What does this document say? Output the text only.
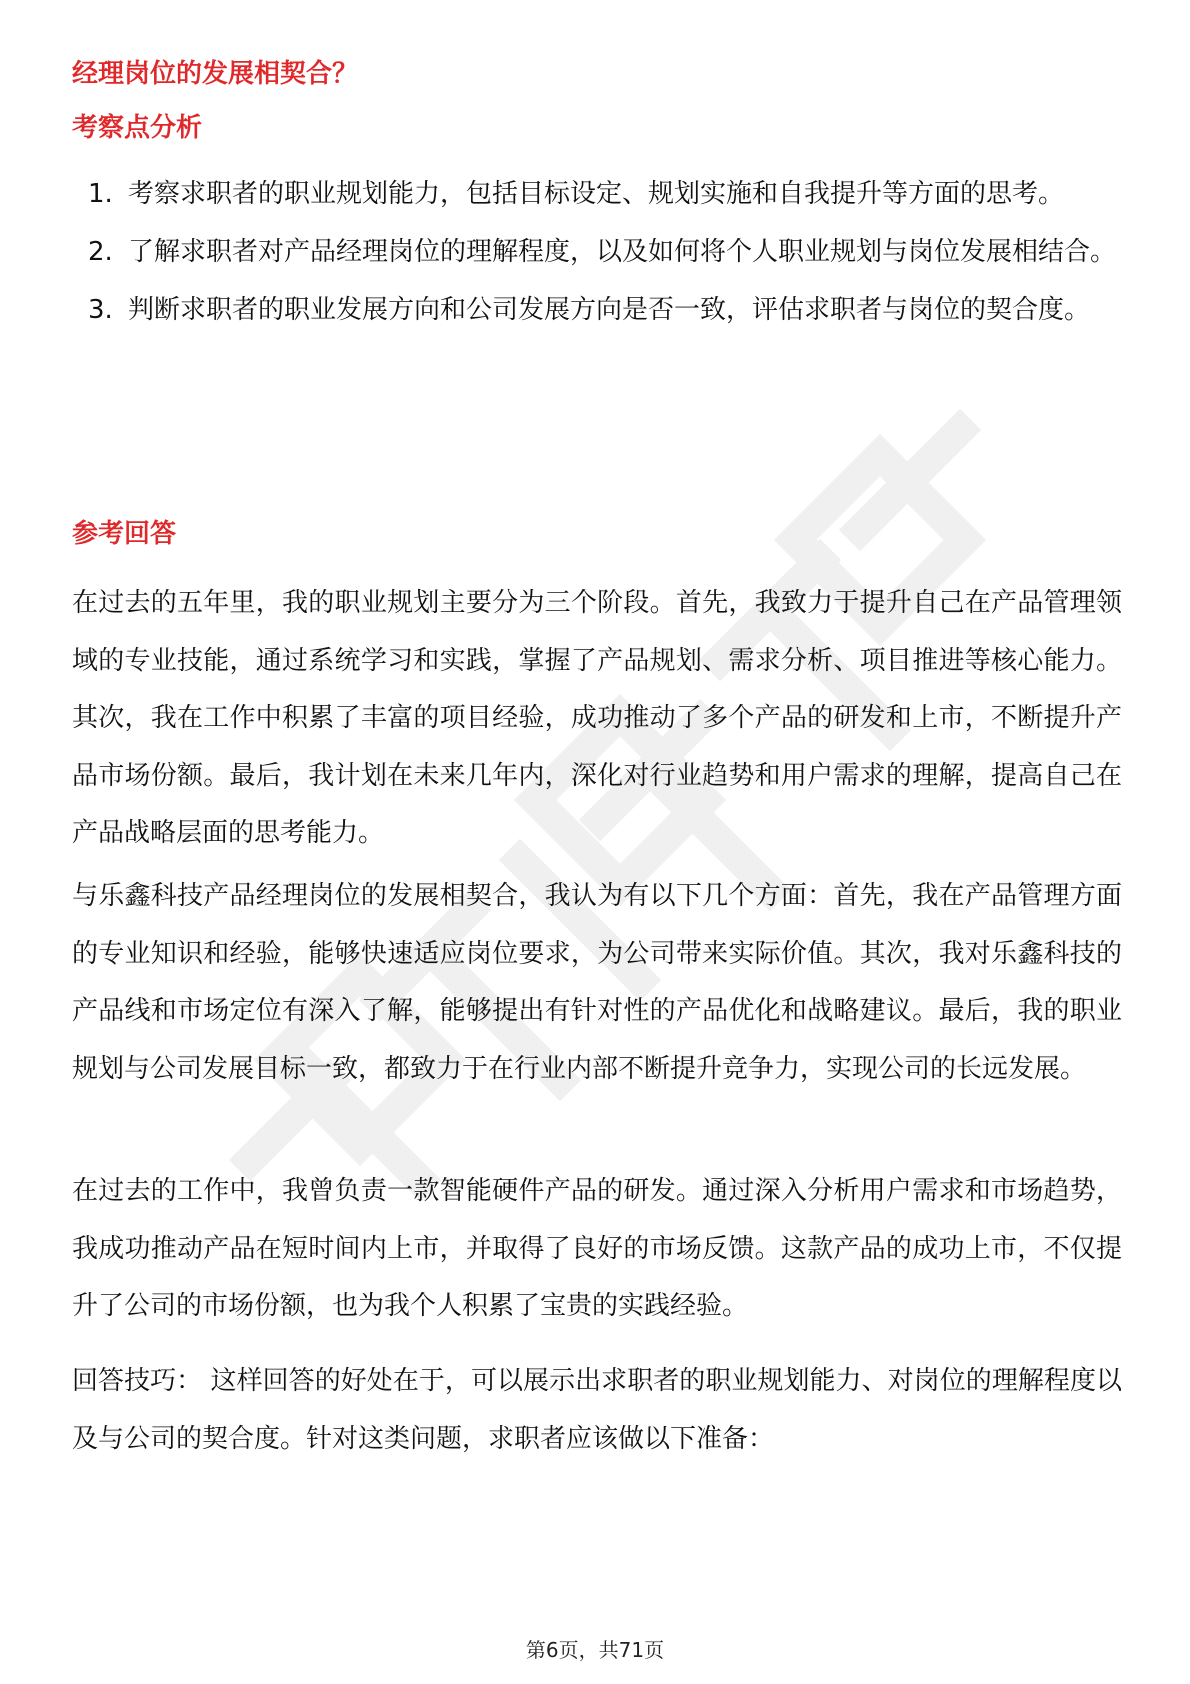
经理岗位的发展相契合？
考察点分析
1. 考察求职者的职业规划能力，包括目标设定、规划实施和自我提升等方面的思考。
2. 了解求职者对产品经理岗位的理解程度，以及如何将个人职业规划与岗位发展相结合。
3. 判断求职者的职业发展方向和公司发展方向是否一致，评估求职者与岗位的契合度。
参考回答

在过去的五年里，我的职业规划主要分为三个阶段。首先，我致力于提升自己在产品管理领域的专业技能，通过系统学习和实践，掌握了产品规划、需求分析、项目推进等核心能力。其次，我在工作中积累了丰富的项目经验，成功推动了多个产品的研发和上市，不断提升产品市场份额。最后，我计划在未来几年内，深化对行业趋势和用户需求的理解，提高自己在产品战略层面的思考能力。

与乐鑫科技产品经理岗位的发展相契合，我认为有以下几个方面：首先，我在产品管理方面的专业知识和经验，能够快速适应岗位要求，为公司带来实际价值。其次，我对乐鑫科技的产品线和市场定位有深入了解，能够提出有针对性的产品优化和战略建议。最后，我的职业规划与公司发展目标一致，都致力于在行业内部不断提升竞争力，实现公司的长远发展。

在过去的工作中，我曾负责一款智能硬件产品的研发。通过深入分析用户需求和市场趋势，我成功推动产品在短时间内上市，并取得了良好的市场反馈。这款产品的成功上市，不仅提升了公司的市场份额，也为我个人积累了宝贵的实践经验。

回答技巧： 这样回答的好处在于，可以展示出求职者的职业规划能力、对岗位的理解程度以及与公司的契合度。针对这类问题，求职者应该做以下准备：

第6页，共71页
